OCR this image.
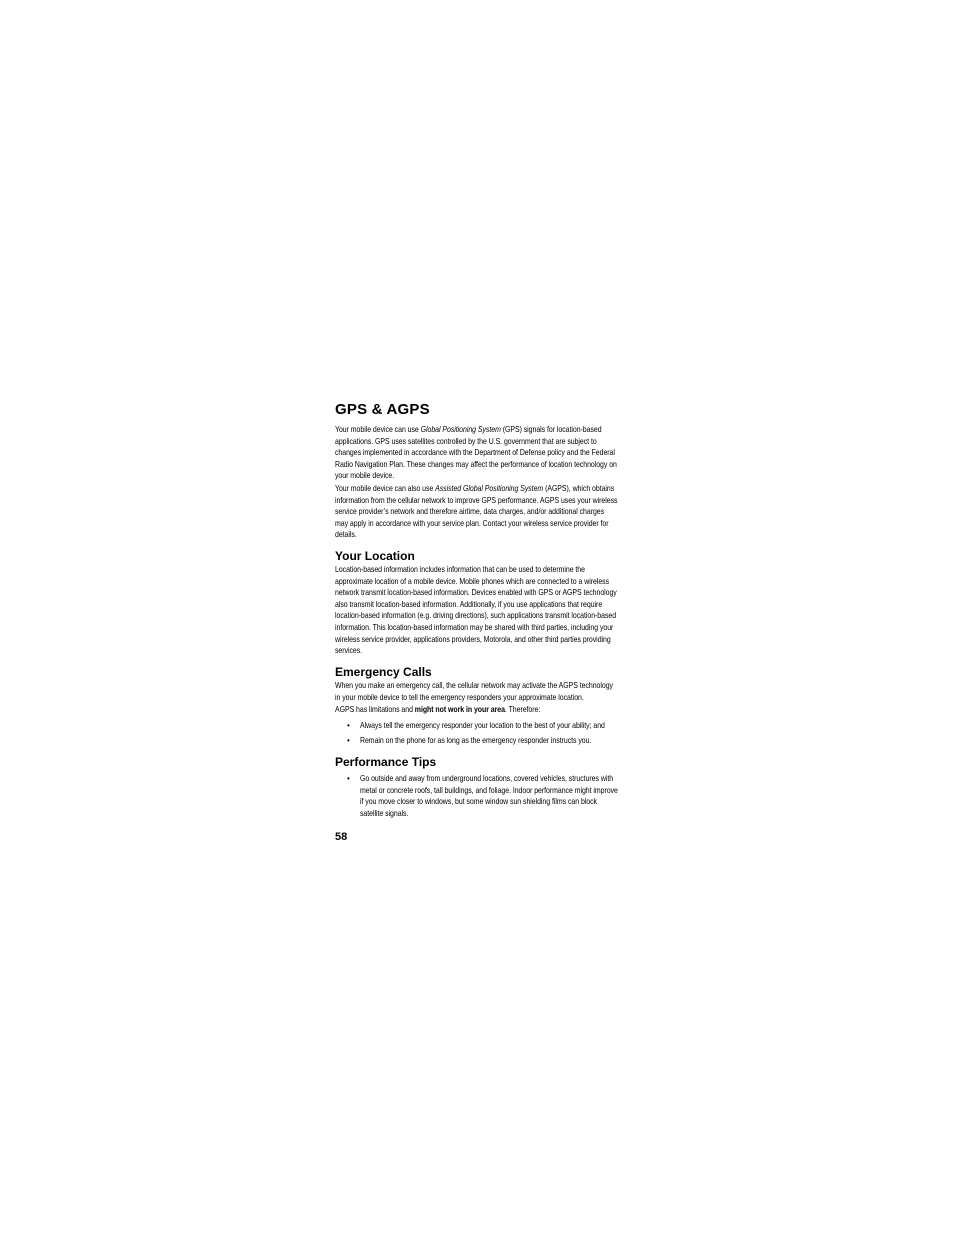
GPS & AGPS

Your mobile device can use Global Positioning System (GPS) signals for location-based applications. GPS uses satellites controlled by the U.S. government that are subject to changes implemented in accordance with the Department of Defense policy and the Federal Radio Navigation Plan. These changes may affect the performance of location technology on your mobile device.

Your mobile device can also use Assisted Global Positioning System (AGPS), which obtains information from the cellular network to improve GPS performance. AGPS uses your wireless service provider’s network and therefore airtime, data charges, and/or additional charges may apply in accordance with your service plan. Contact your wireless service provider for details.

Your Location

Location-based information includes information that can be used to determine the approximate location of a mobile device. Mobile phones which are connected to a wireless network transmit location-based information. Devices enabled with GPS or AGPS technology also transmit location-based information. Additionally, if you use applications that require location-based information (e.g. driving directions), such applications transmit location-based information. This location-based information may be shared with third parties, including your wireless service provider, applications providers, Motorola, and other third parties providing services.

Emergency Calls

When you make an emergency call, the cellular network may activate the AGPS technology in your mobile device to tell the emergency responders your approximate location.

AGPS has limitations and might not work in your area. Therefore:

• Always tell the emergency responder your location to the best of your ability; and
• Remain on the phone for as long as the emergency responder instructs you.
Performance Tips
• Go outside and away from underground locations, covered vehicles, structures with metal or concrete roofs, tall buildings, and foliage. Indoor performance might improve if you move closer to windows, but some window sun shielding films can block satellite signals.
58
